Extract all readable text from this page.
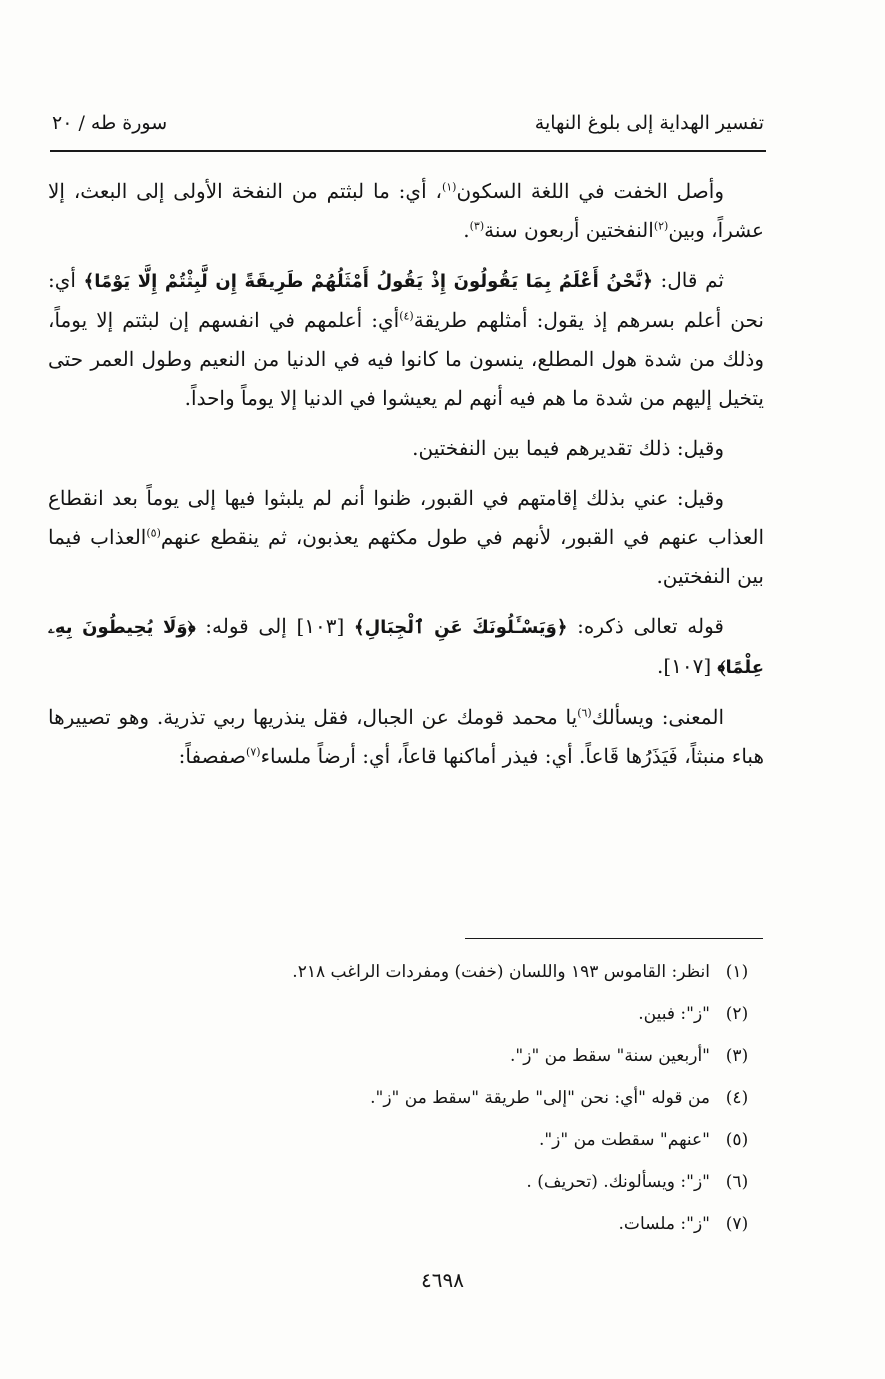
تفسير الهداية إلى بلوغ النهاية
سورة طه / ٢٠

وأصل الخفت في اللغة السكون$^{(١)}$، أي: ما لبثتم من النفخة الأولى إلى البعث، إلا عشراً، وبين$^{(٢)}$النفختين أربعون سنة$^{(٣)}$.

ثم قال: ﴿نَّحْنُ أَعْلَمُ بِمَا يَقُولُونَ إِذْ يَقُولُ أَمْثَلُهُمْ طَرِيقَةً إِن لَّبِثْتُمْ إِلَّا يَوْمًا﴾ أي: نحن أعلم بسرهم إذ يقول: أمثلهم طريقة$^{(٤)}$أي: أعلمهم في انفسهم إن لبثتم إلا يوماً، وذلك من شدة هول المطلع، ينسون ما كانوا فيه في الدنيا من النعيم وطول العمر حتى يتخيل إليهم من شدة ما هم فيه أنهم لم يعيشوا في الدنيا إلا يوماً واحداً.

وقيل: ذلك تقديرهم فيما بين النفختين.

وقيل: عني بذلك إقامتهم في القبور، ظنوا أنم لم يلبثوا فيها إلى يوماً بعد انقطاع العذاب عنهم في القبور، لأنهم في طول مكثهم يعذبون، ثم ينقطع عنهم$^{(٥)}$العذاب فيما بين النفختين.

قوله تعالى ذكره: ﴿وَيَسْـَٔلُونَكَ عَنِ ٱلْجِبَالِ﴾ [١٠٣] إلى قوله: ﴿وَلَا يُحِيطُونَ بِهِۦ عِلْمًا﴾ [١٠٧].

المعنى: ويسألك$^{(٦)}$يا محمد قومك عن الجبال، فقل ينذريها ربي تذرية. وهو تصييرها هباء منبثاً، فَيَذَرُها قَاعاً. أي: فيذر أماكنها قاعاً، أي: أرضاً ملساء$^{(٧)}$صفصفاً:

(١)
انظر: القاموس ١٩٣ واللسان (خفت) ومفردات الراغب ٢١٨.
(٢)
"ز": فبين.
(٣)
"أربعين سنة" سقط من "ز".
(٤)
من قوله "أي: نحن "إلى" طريقة "سقط من "ز".
(٥)
"عنهم" سقطت من "ز".
(٦)
"ز": ويسألونك. (تحريف) .
(٧)
"ز": ملسات.
٤٦٩٨
